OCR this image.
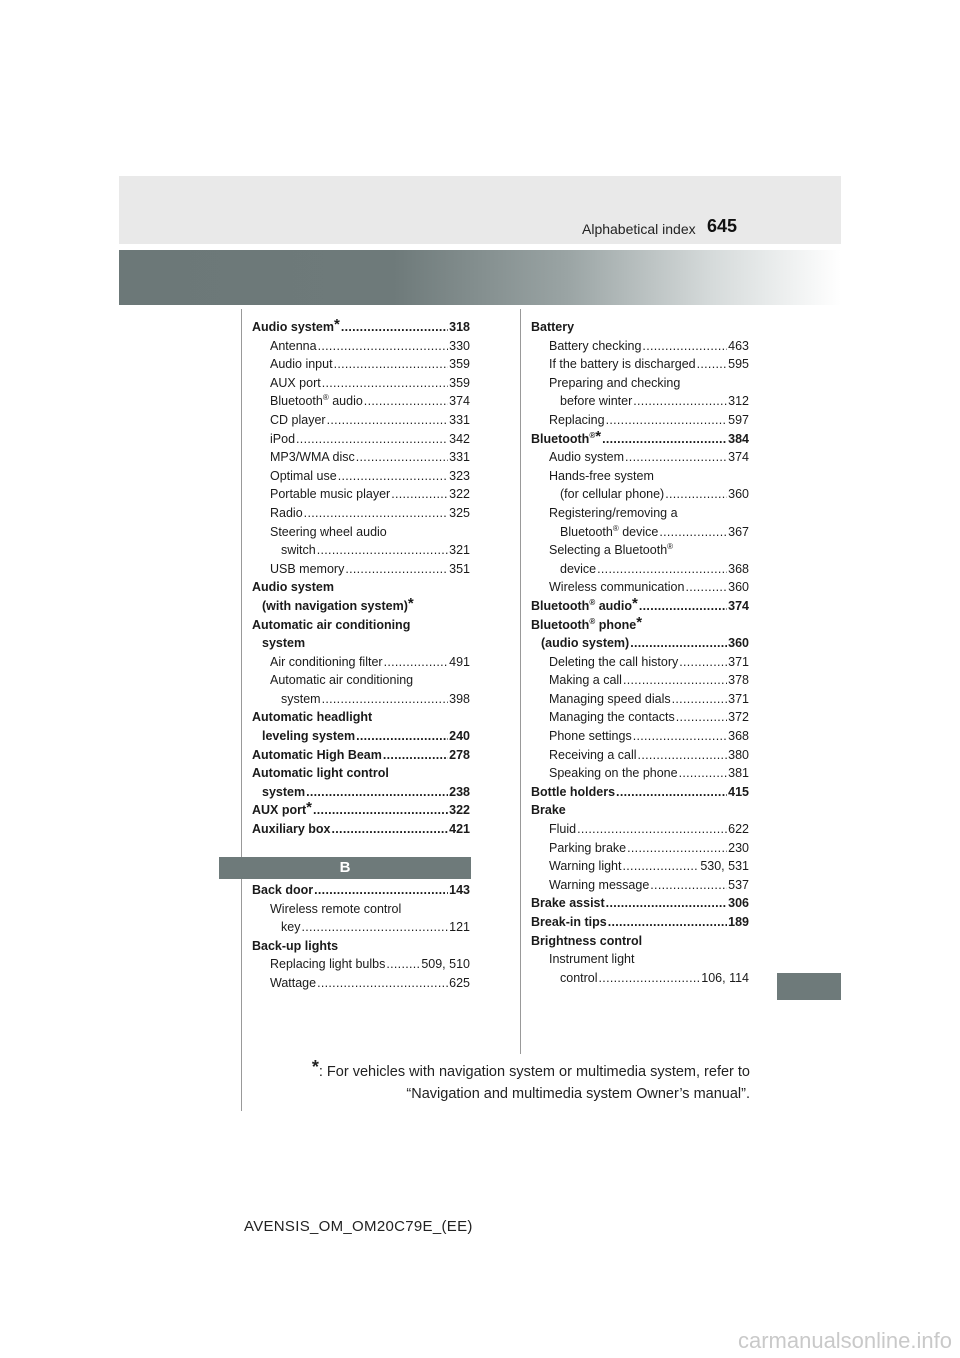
Alphabetical index 645
Audio system* .....	318
Antenna .....	330
Audio input .....	359
AUX port .....	359
Bluetooth® audio .....	374
CD player .....	331
iPod .....	342
MP3/WMA disc .....	331
Optimal use .....	323
Portable music player .....	322
Radio .....	325
Steering wheel audio
switch .....	321
USB memory .....	351
Audio system
(with navigation system)*
Automatic air conditioning
system
Air conditioning filter .....	491
Automatic air conditioning
system .....	398
Automatic headlight
leveling system .....	240
Automatic High Beam .....	278
Automatic light control
system .....	238
AUX port* .....	322
Auxiliary box .....	421
B
Back door .....	143
Wireless remote control
key .....	121
Back-up lights
Replacing light bulbs .....	509, 510
Wattage .....	625
Battery
Battery checking .....	463
If the battery is discharged .....	595
Preparing and checking
before winter .....	312
Replacing .....	597
Bluetooth®* .....	384
Audio system .....	374
Hands-free system
(for cellular phone) .....	360
Registering/removing a
Bluetooth® device .....	367
Selecting a Bluetooth®
device .....	368
Wireless communication .....	360
Bluetooth® audio* .....	374
Bluetooth® phone*
(audio system) .....	360
Deleting the call history .....	371
Making a call .....	378
Managing speed dials .....	371
Managing the contacts .....	372
Phone settings .....	368
Receiving a call .....	380
Speaking on the phone .....	381
Bottle holders .....	415
Brake
Fluid .....	622
Parking brake .....	230
Warning light .....	530, 531
Warning message .....	537
Brake assist .....	306
Break-in tips .....	189
Brightness control
Instrument light
control .....	106, 114
*: For vehicles with navigation system or multimedia system, refer to
“Navigation and multimedia system Owner’s manual”.
AVENSIS_OM_OM20C79E_(EE)
carmanualsonline.info
